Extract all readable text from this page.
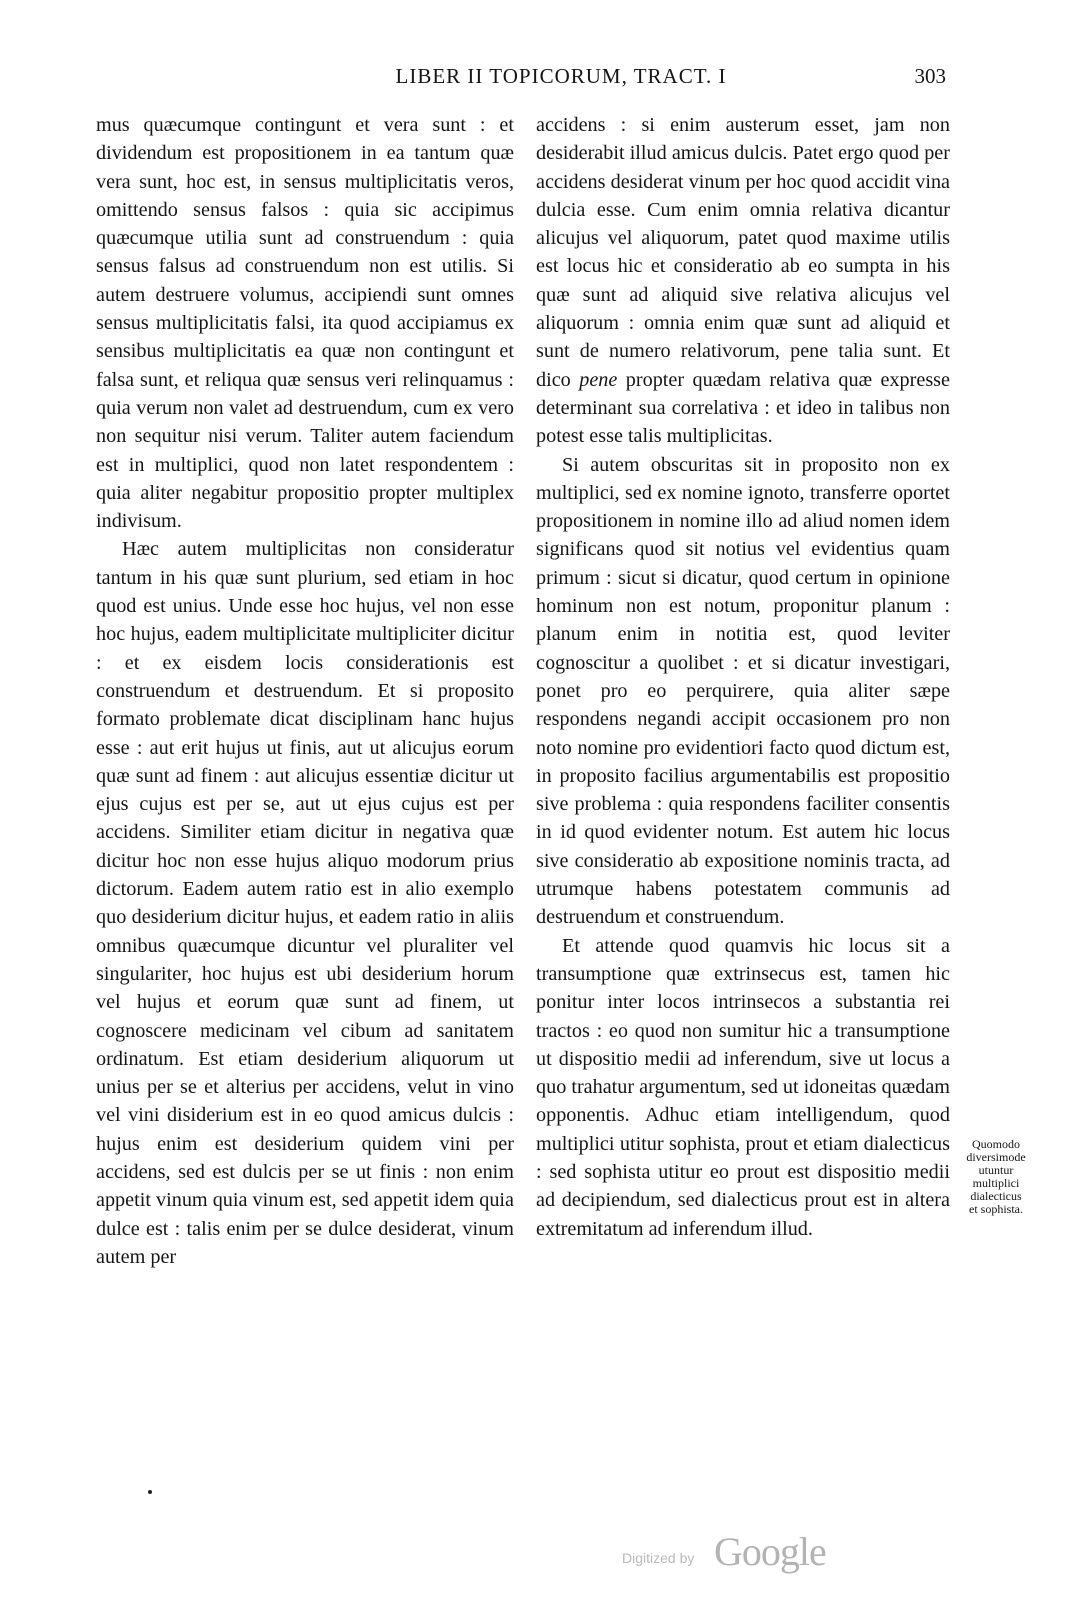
LIBER II TOPICORUM, TRACT. I	303

mus quæcumque contingunt et vera sunt : et dividendum est propositionem in ea tantum quæ vera sunt, hoc est, in sensus multiplicitatis veros, omittendo sensus falsos : quia sic accipimus quæcumque utilia sunt ad construendum : quia sensus falsus ad construendum non est utilis. Si autem destruere volumus, accipiendi sunt omnes sensus multiplicitatis falsi, ita quod accipiamus ex sensibus multiplicitatis ea quæ non contingunt et falsa sunt, et reliqua quæ sensus veri relinquamus : quia verum non valet ad destruendum, cum ex vero non sequitur nisi verum. Taliter autem faciendum est in multiplici, quod non latet respondentem : quia aliter negabitur propositio propter multiplex indivisum.

Hæc autem multiplicitas non consideratur tantum in his quæ sunt plurium, sed etiam in hoc quod est unius. Unde esse hoc hujus, vel non esse hoc hujus, eadem multiplicitate multipliciter dicitur : et ex eisdem locis considerationis est construendum et destruendum. Et si proposito formato problemate dicat disciplinam hanc hujus esse : aut erit hujus ut finis, aut ut alicujus eorum quæ sunt ad finem : aut alicujus essentiæ dicitur ut ejus cujus est per se, aut ut ejus cujus est per accidens. Similiter etiam dicitur in negativa quæ dicitur hoc non esse hujus aliquo modorum prius dictorum. Eadem autem ratio est in alio exemplo quo desiderium dicitur hujus, et eadem ratio in aliis omnibus quæcumque dicuntur vel pluraliter vel singulariter, hoc hujus est ubi desiderium horum vel hujus et eorum quæ sunt ad finem, ut cognoscere medicinam vel cibum ad sanitatem ordinatum. Est etiam desiderium aliquorum ut unius per se et alterius per accidens, velut in vino vel vini disiderium est in eo quod amicus dulcis : hujus enim est desiderium quidem vini per accidens, sed est dulcis per se ut finis : non enim appetit vinum quia vinum est, sed appetit idem quia dulce est : talis enim per se dulce desiderat, vinum autem per

accidens : si enim austerum esset, jam non desiderabit illud amicus dulcis. Patet ergo quod per accidens desiderat vinum per hoc quod accidit vina dulcia esse. Cum enim omnia relativa dicantur alicujus vel aliquorum, patet quod maxime utilis est locus hic et consideratio ab eo sumpta in his quæ sunt ad aliquid sive relativa alicujus vel aliquorum : omnia enim quæ sunt ad aliquid et sunt de numero relativorum, pene talia sunt. Et dico pene propter quædam relativa quæ expresse determinant sua correlativa : et ideo in talibus non potest esse talis multiplicitas.

Si autem obscuritas sit in proposito non ex multiplici, sed ex nomine ignoto, transferre oportet propositionem in nomine illo ad aliud nomen idem significans quod sit notius vel evidentius quam primum : sicut si dicatur, quod certum in opinione hominum non est notum, proponitur planum : planum enim in notitia est, quod leviter cognoscitur a quolibet : et si dicatur investigari, ponet pro eo perquirere, quia aliter sæpe respondens negandi accipit occasionem pro non noto nomine pro evidentiori facto quod dictum est, in proposito facilius argumentabilis est propositio sive problema : quia respondens faciliter consentis in id quod evidenter notum. Est autem hic locus sive consideratio ab expositione nominis tracta, ad utrumque habens potestatem communis ad destruendum et construendum.

Et attende quod quamvis hic locus sit a transumptione quæ extrinsecus est, tamen hic ponitur inter locos intrinsecos a substantia rei tractos : eo quod non sumitur hic a transumptione ut dispositio medii ad inferendum, sive ut locus a quo trahatur argumentum, sed ut idoneitas quædam opponentis. Adhuc etiam intelligendum, quod multiplici utitur sophista, prout et etiam dialecticus : sed sophista utitur eo prout est dispositio medii ad decipiendum, sed dialecticus prout est in altera extremitatum ad inferendum illud.

Quomodo
diversimode
utuntur
multiplici
dialecticus
et sophista.
Digitized by Google
